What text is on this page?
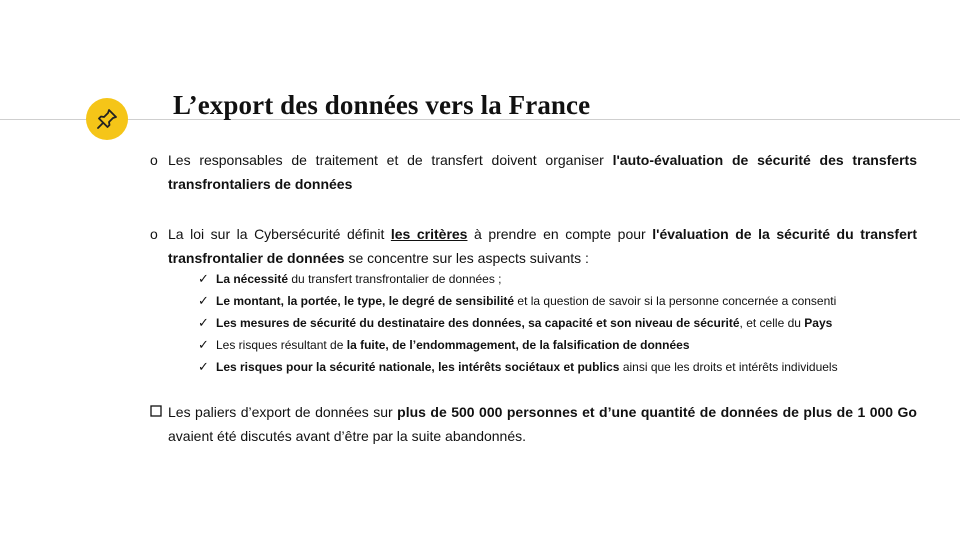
L’export des données vers la France
o Les responsables de traitement et de transfert doivent organiser l'auto-évaluation de sécurité des transferts transfrontaliers de données
o La loi sur la Cybersécurité définit les critères à prendre en compte pour l'évaluation de la sécurité du transfert transfrontalier de données se concentre sur les aspects suivants :
✓ La nécessité du transfert transfrontalier de données ;
✓ Le montant, la portée, le type, le degré de sensibilité et la question de savoir si la personne concernée a consenti
✓ Les mesures de sécurité du destinataire des données, sa capacité et son niveau de sécurité, et celle du Pays
✓ Les risques résultant de la fuite, de l’endommagement, de la falsification de données
✓ Les risques pour la sécurité nationale, les intérêts sociétaux et publics ainsi que les droits et intérêts individuels
Les paliers d’export de données sur plus de 500 000 personnes et d’une quantité de données de plus de 1 000 Go avaient été discutés avant d’être par la suite abandonnés.
